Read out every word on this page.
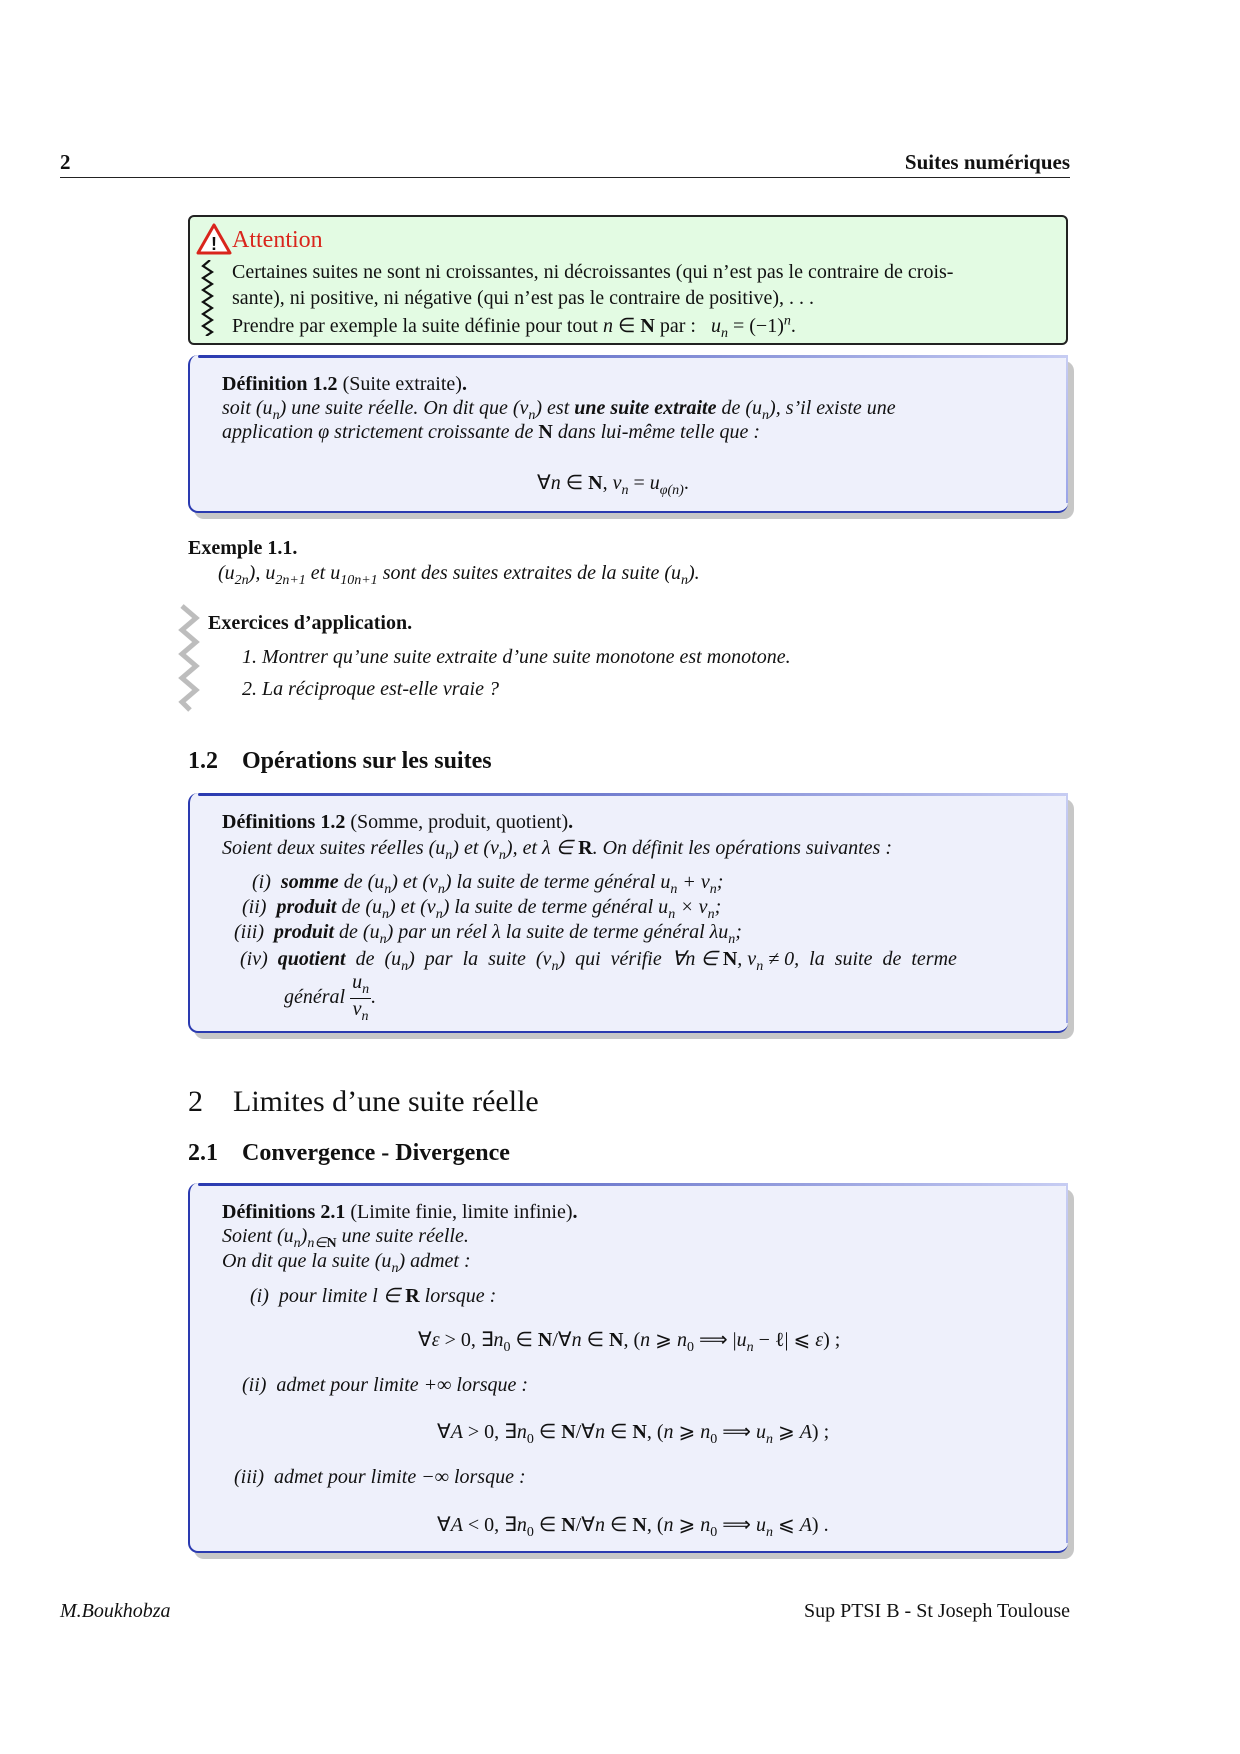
2	Suites numériques
! Attention
Certaines suites ne sont ni croissantes, ni décroissantes (qui n’est pas le contraire de crois-
sante), ni positive, ni négative (qui n’est pas le contraire de positive), . . .
Prendre par exemple la suite définie pour tout n ∈ N par : $u_n = (-1)^n$.
Définition 1.2 (Suite extraite).
soit $(u_n)$ une suite réelle. On dit que $(v_n)$ est une suite extraite de $(u_n)$, s’il existe une
application φ strictement croissante de N dans lui-même telle que :
∀n ∈ N, $v_n = u_{\varphi(n)}$.
Exemple 1.1.
$(u_{2n})$, $u_{2n+1}$ et $u_{10n+1}$ sont des suites extraites de la suite $(u_n)$.
Exercices d’application.
1. Montrer qu’une suite extraite d’une suite monotone est monotone.
2. La réciproque est-elle vraie ?
1.2 Opérations sur les suites
Définitions 1.2 (Somme, produit, quotient).
Soient deux suites réelles $(u_n)$ et $(v_n)$, et λ ∈ R. On définit les opérations suivantes :
(i)  somme de $(u_n)$ et $(v_n)$ la suite de terme général $u_n + v_n$;
(ii)  produit de $(u_n)$ et $(v_n)$ la suite de terme général $u_n \times v_n$;
(iii)  produit de $(u_n)$ par un réel λ la suite de terme général $\lambda u_n$;
(iv)  quotient  de  $(u_n)$  par  la  suite  $(v_n)$  qui  vérifie  ∀n ∈ N, $v_n \ne 0$,  la  suite  de  terme
général $\frac{u_n}{v_n}$ .
2 Limites d’une suite réelle
2.1 Convergence - Divergence
Définitions 2.1 (Limite finie, limite infinie).
Soient $(u_n)_{n\in N}$ une suite réelle.
On dit que la suite $(u_n)$ admet :
(i)  pour limite l ∈ R lorsque :
∀ε > 0, $\exists n_0$ ∈ N/∀n ∈ N, (n ⩾ $n_0$ ⟹ $|u_n$ − ℓ| ⩽ ε) ;
(ii)  admet pour limite +∞ lorsque :
∀A > 0, $\exists n_0$ ∈ N/∀n ∈ N, (n ⩾ $n_0$ ⟹ $u_n$ ⩾ A) ;
(iii)  admet pour limite −∞ lorsque :
∀A < 0, $\exists n_0$ ∈ N/∀n ∈ N, (n ⩾ $n_0$ ⟹ $u_n$ ⩽ A) .
M.Boukhobza	Sup PTSI B - St Joseph Toulouse
